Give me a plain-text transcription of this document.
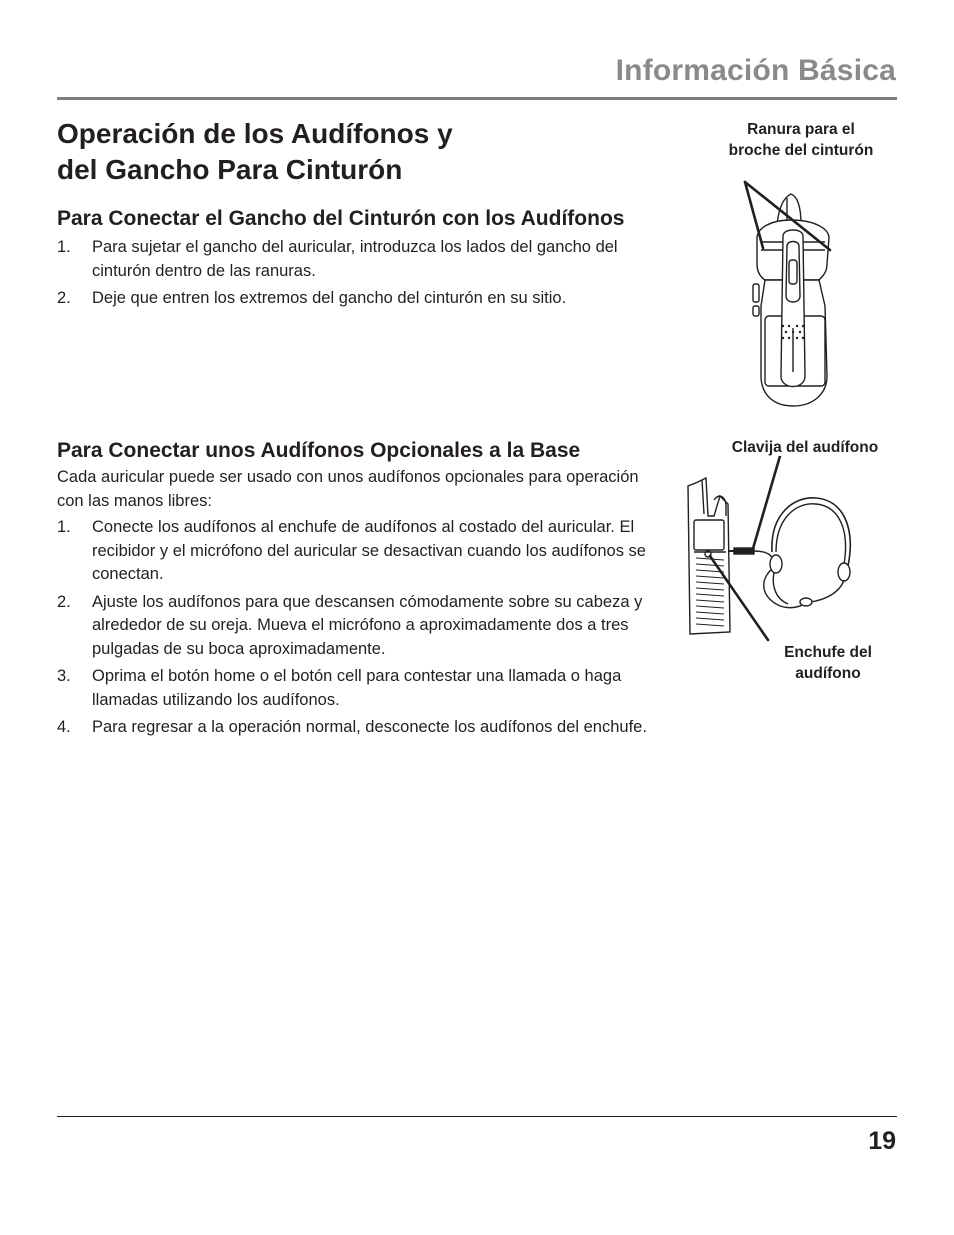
Información Básica
Operación de los Audífonos y
del Gancho Para Cinturón
Para Conectar el Gancho del Cinturón con los Audífonos
1. Para sujetar el gancho del auricular, introduzca los lados del gancho del cinturón dentro de las ranuras.
2. Deje que entren los extremos del gancho del cinturón en su sitio.
Para Conectar unos Audífonos Opcionales a la Base

Cada auricular puede ser usado con unos audífonos opcionales para operación con las manos libres:

1. Conecte los audífonos al enchufe de audífonos al costado del auricular. El recibidor y el micrófono del auricular se desactivan cuando los audífonos se conectan.
2. Ajuste los audífonos para que descansen cómodamente sobre su cabeza y alrededor de su oreja. Mueva el micrófono a aproximadamente dos a tres pulgadas de su boca aproximadamente.
3. Oprima el botón home o el botón cell para contestar una llamada o haga llamadas utilizando los audífonos.
4. Para regresar a la operación normal, desconecte los audífonos del enchufe.

Ranura para el
broche del cinturón

Clavija del audífono

Enchufe del
audífono

19
